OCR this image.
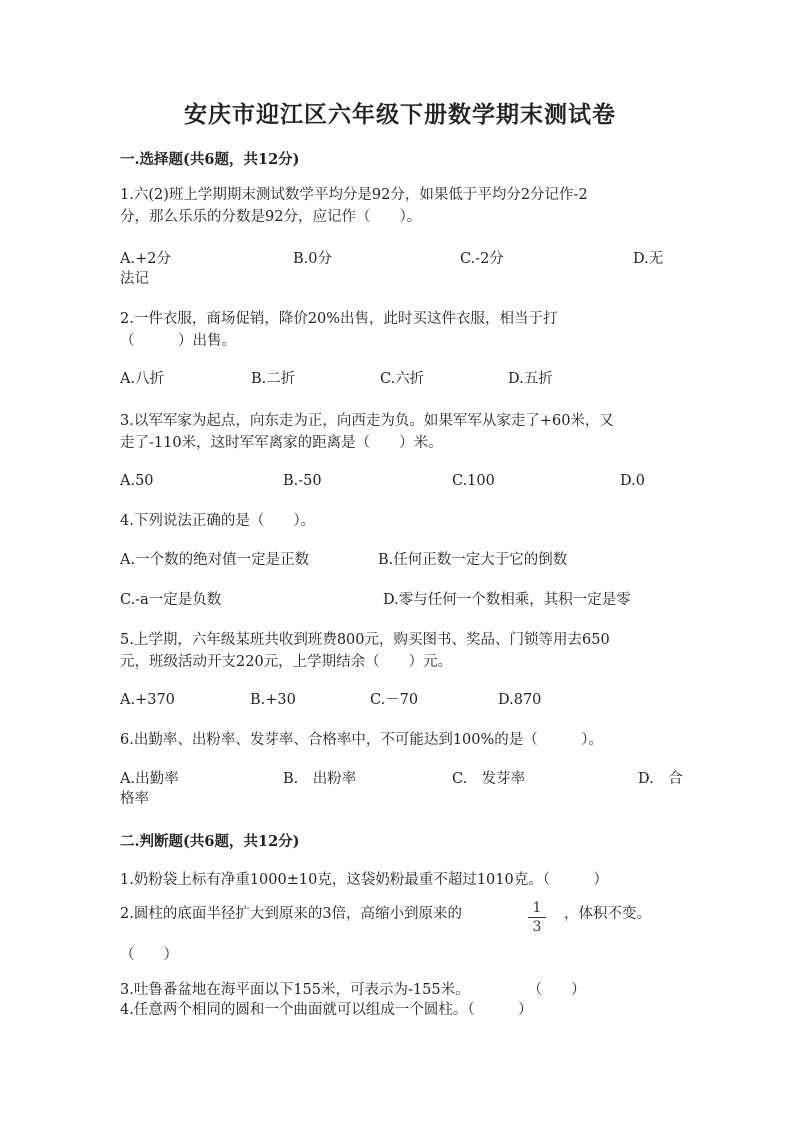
安庆市迎江区六年级下册数学期末测试卷
一.选择题(共6题，共12分)
1.六(2)班上学期期末测试数学平均分是92分，如果低于平均分2分记作-2
分，那么乐乐的分数是92分，应记作（　　）。
A.+2分	B.0分	C.-2分	D.无
法记
2.一件衣服，商场促销，降价20%出售，此时买这件衣服，相当于打
（　　　）出售。
A.八折	B.二折	C.六折	D.五折
3.以军军家为起点，向东走为正，向西走为负。如果军军从家走了+60米，又
走了-110米，这时军军离家的距离是（　　）米。
A.50	B.-50	C.100	D.0
4.下列说法正确的是（　　）。
A.一个数的绝对值一定是正数	B.任何正数一定大于它的倒数
C.-a一定是负数	D.零与任何一个数相乘，其积一定是零
5.上学期，六年级某班共收到班费800元，购买图书、奖品、门锁等用去650
元，班级活动开支220元，上学期结余（　　）元。
A.+370	B.+30	C.－70	D.870
6.出勤率、出粉率、发芽率、合格率中，不可能达到100%的是（　　　）。
A.出勤率	B.　出粉率	C.　发芽率	D.　合
格率
二.判断题(共6题，共12分)
1.奶粉袋上标有净重1000±10克，这袋奶粉最重不超过1010克。（　　　）
2.圆柱的底面半径扩大到原来的3倍，高缩小到原来的	1
3
，体积不变。
（　　）
3.吐鲁番盆地在海平面以下155米，可表示为-155米。　　　　　（　　）
4.任意两个相同的圆和一个曲面就可以组成一个圆柱。（　　　）
